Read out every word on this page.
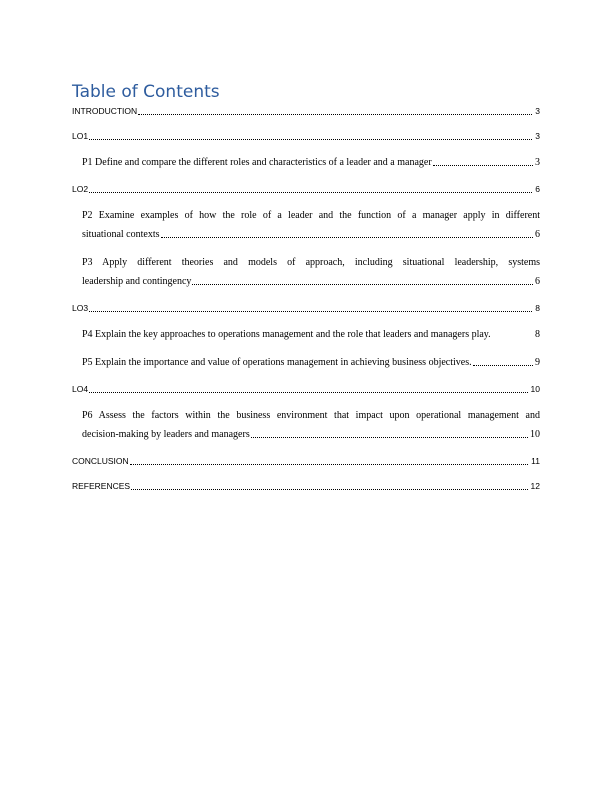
Table of Contents
INTRODUCTION	3
LO1	3
P1 Define and compare the different roles and characteristics of a leader and a manager	3
LO2	6
P2 Examine examples of how the role of a leader and the function of a manager apply in different
situational contexts	6
P3 Apply different theories and models of approach, including situational leadership, systems
leadership and contingency	6
LO3	8
P4 Explain the key approaches to operations management and the role that leaders and managers play.	8
P5 Explain the importance and value of operations management in achieving business objectives.	9
LO4	10
P6 Assess the factors within the business environment that impact upon operational management and
decision-making by leaders and managers	10
CONCLUSION	11
REFERENCES	12
